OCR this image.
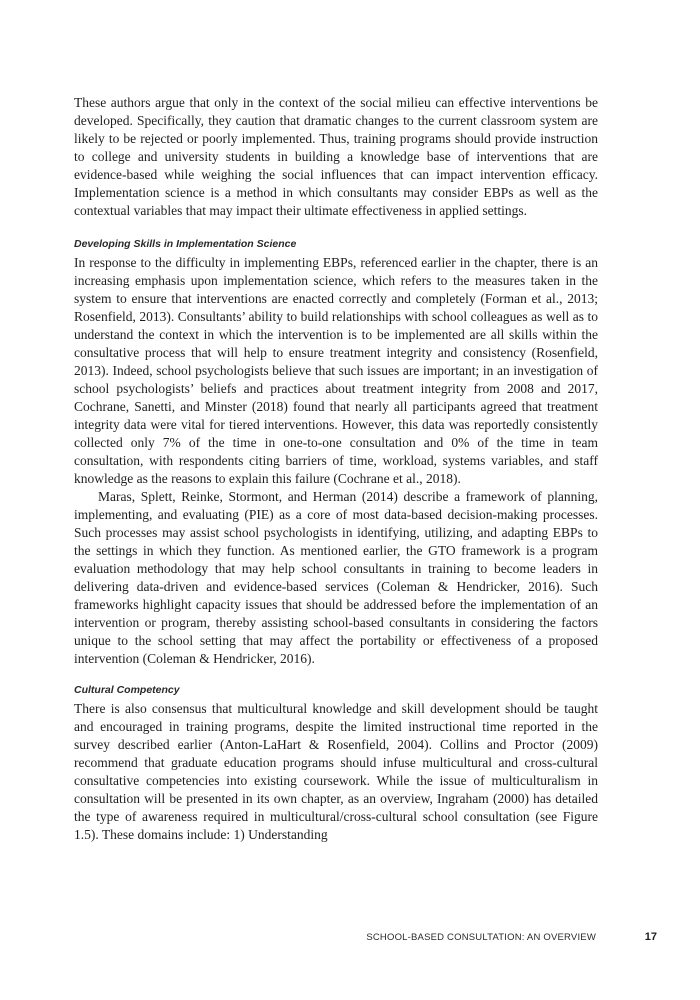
These authors argue that only in the context of the social milieu can effective interventions be developed. Specifically, they caution that dramatic changes to the current classroom system are likely to be rejected or poorly implemented. Thus, training programs should provide instruction to college and university students in building a knowledge base of interventions that are evidence-based while weighing the social influences that can impact intervention efficacy. Implementation science is a method in which consultants may consider EBPs as well as the contextual variables that may impact their ultimate effectiveness in applied settings.

Developing Skills in Implementation Science

In response to the difficulty in implementing EBPs, referenced earlier in the chapter, there is an increasing emphasis upon implementation science, which refers to the measures taken in the system to ensure that interventions are enacted correctly and completely (Forman et al., 2013; Rosenfield, 2013). Consultants’ ability to build relationships with school colleagues as well as to understand the context in which the intervention is to be implemented are all skills within the consultative process that will help to ensure treatment integrity and consistency (Rosenfield, 2013). Indeed, school psychologists believe that such issues are important; in an investigation of school psychologists’ beliefs and practices about treatment integrity from 2008 and 2017, Cochrane, Sanetti, and Minster (2018) found that nearly all participants agreed that treatment integrity data were vital for tiered interventions. However, this data was reportedly consistently collected only 7% of the time in one-to-one consultation and 0% of the time in team consultation, with respondents citing barriers of time, workload, systems variables, and staff knowledge as the reasons to explain this failure (Cochrane et al., 2018).

Maras, Splett, Reinke, Stormont, and Herman (2014) describe a framework of planning, implementing, and evaluating (PIE) as a core of most data-based decision-making processes. Such processes may assist school psychologists in identifying, utilizing, and adapting EBPs to the settings in which they function. As mentioned earlier, the GTO framework is a program evaluation methodology that may help school consultants in training to become leaders in delivering data-driven and evidence-based services (Coleman & Hendricker, 2016). Such frameworks highlight capacity issues that should be addressed before the implementation of an intervention or program, thereby assisting school-based consultants in considering the factors unique to the school setting that may affect the portability or effectiveness of a proposed intervention (Coleman & Hendricker, 2016).

Cultural Competency

There is also consensus that multicultural knowledge and skill development should be taught and encouraged in training programs, despite the limited instructional time reported in the survey described earlier (Anton-LaHart & Rosenfield, 2004). Collins and Proctor (2009) recommend that graduate education programs should infuse multicultural and cross-cultural consultative competencies into existing coursework. While the issue of multiculturalism in consultation will be presented in its own chapter, as an overview, Ingraham (2000) has detailed the type of awareness required in multicultural/cross-cultural school consultation (see Figure 1.5). These domains include: 1) Understanding

SCHOOL-BASED CONSULTATION: AN OVERVIEW	17
